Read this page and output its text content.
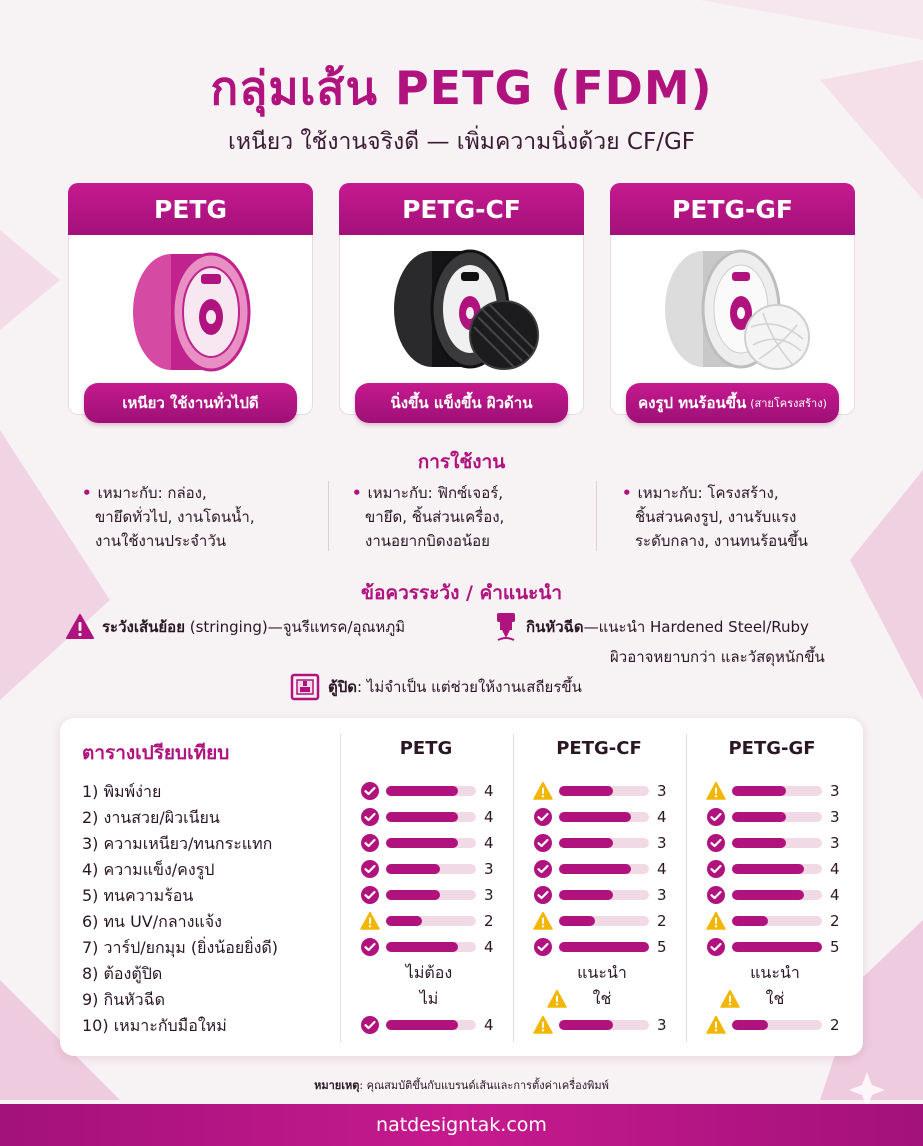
กลุ่มเส้น PETG (FDM)
เหนียว ใช้งานจริงดี — เพิ่มความนิ่งด้วย CF/GF
PETG
เหนียว ใช้งานทั่วไปดี
PETG-CF
นิ่งขึ้น แข็งขึ้น ผิวด้าน
PETG-GF
คงรูป ทนร้อนขึ้น (สายโครงสร้าง)
การใช้งาน
• เหมาะกับ: กล่อง,
ขายึดทั่วไป, งานโดนน้ำ,
งานใช้งานประจำวัน
• เหมาะกับ: ฟิกซ์เจอร์,
ขายึด, ชิ้นส่วนเครื่อง,
งานอยากบิดงอน้อย
• เหมาะกับ: โครงสร้าง,
ชิ้นส่วนคงรูป, งานรับแรง
ระดับกลาง, งานทนร้อนขึ้น
ข้อควรระวัง / คำแนะนำ
ระวังเส้นย้อย (stringing)—จูนรีแทรค/อุณหภูมิ	กินหัวฉีด—แนะนำ Hardened Steel/Ruby
ผิวอาจหยาบกว่า และวัสดุหนักขึ้น
ตู้ปิด: ไม่จำเป็น แต่ช่วยให้งานเสถียรขึ้น
ตารางเปรียบเทียบ	PETG	PETG-CF	PETG-GF
1) พิมพ์ง่าย	4	3	3
2) งานสวย/ผิวเนียน	4	4	3
3) ความเหนียว/ทนกระแทก	4	3	3
4) ความแข็ง/คงรูป	3	4	4
5) ทนความร้อน	3	3	4
6) ทน UV/กลางแจ้ง	2	2	2
7) วาร์ป/ยกมุม (ยิ่งน้อยยิ่งดี)	4	5	5
8) ต้องตู้ปิด	ไม่ต้อง	แนะนำ	แนะนำ
9) กินหัวฉีด	ไม่	ใช่	ใช่
10) เหมาะกับมือใหม่	4	3	2
หมายเหตุ: คุณสมบัติขึ้นกับแบรนด์เส้นและการตั้งค่าเครื่องพิมพ์
natdesigntak.com
